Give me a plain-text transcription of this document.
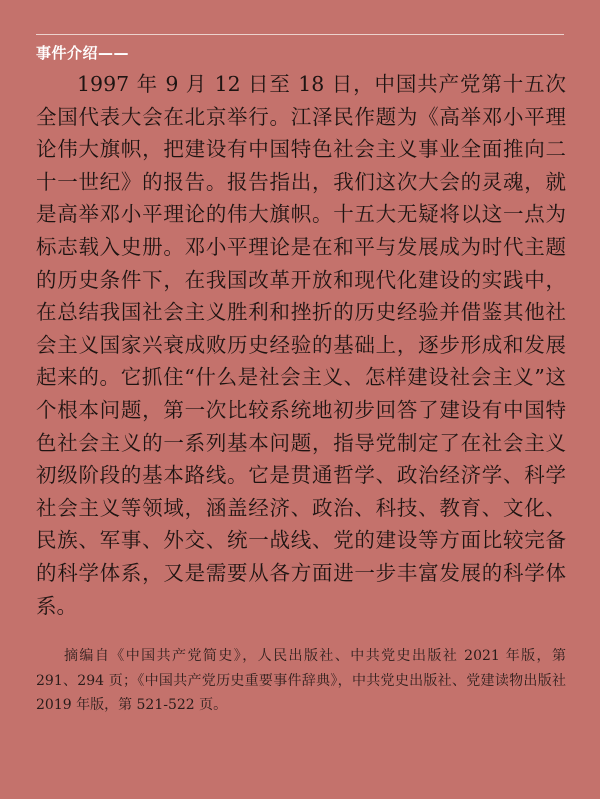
事件介绍——

1997 年 9 月 12 日至 18 日，中国共产党第十五次全国代表大会在北京举行。江泽民作题为《高举邓小平理论伟大旗帜，把建设有中国特色社会主义事业全面推向二十一世纪》的报告。报告指出，我们这次大会的灵魂，就是高举邓小平理论的伟大旗帜。十五大无疑将以这一点为标志载入史册。邓小平理论是在和平与发展成为时代主题的历史条件下，在我国改革开放和现代化建设的实践中，在总结我国社会主义胜利和挫折的历史经验并借鉴其他社会主义国家兴衰成败历史经验的基础上，逐步形成和发展起来的。它抓住“什么是社会主义、怎样建设社会主义”这个根本问题，第一次比较系统地初步回答了建设有中国特色社会主义的一系列基本问题，指导党制定了在社会主义初级阶段的基本路线。它是贯通哲学、政治经济学、科学社会主义等领域，涵盖经济、政治、科技、教育、文化、民族、军事、外交、统一战线、党的建设等方面比较完备的科学体系，又是需要从各方面进一步丰富发展的科学体系。

摘编自《中国共产党简史》，人民出版社、中共党史出版社 2021 年版，第 291、294 页；《中国共产党历史重要事件辞典》，中共党史出版社、党建读物出版社 2019 年版，第 521-522 页。
